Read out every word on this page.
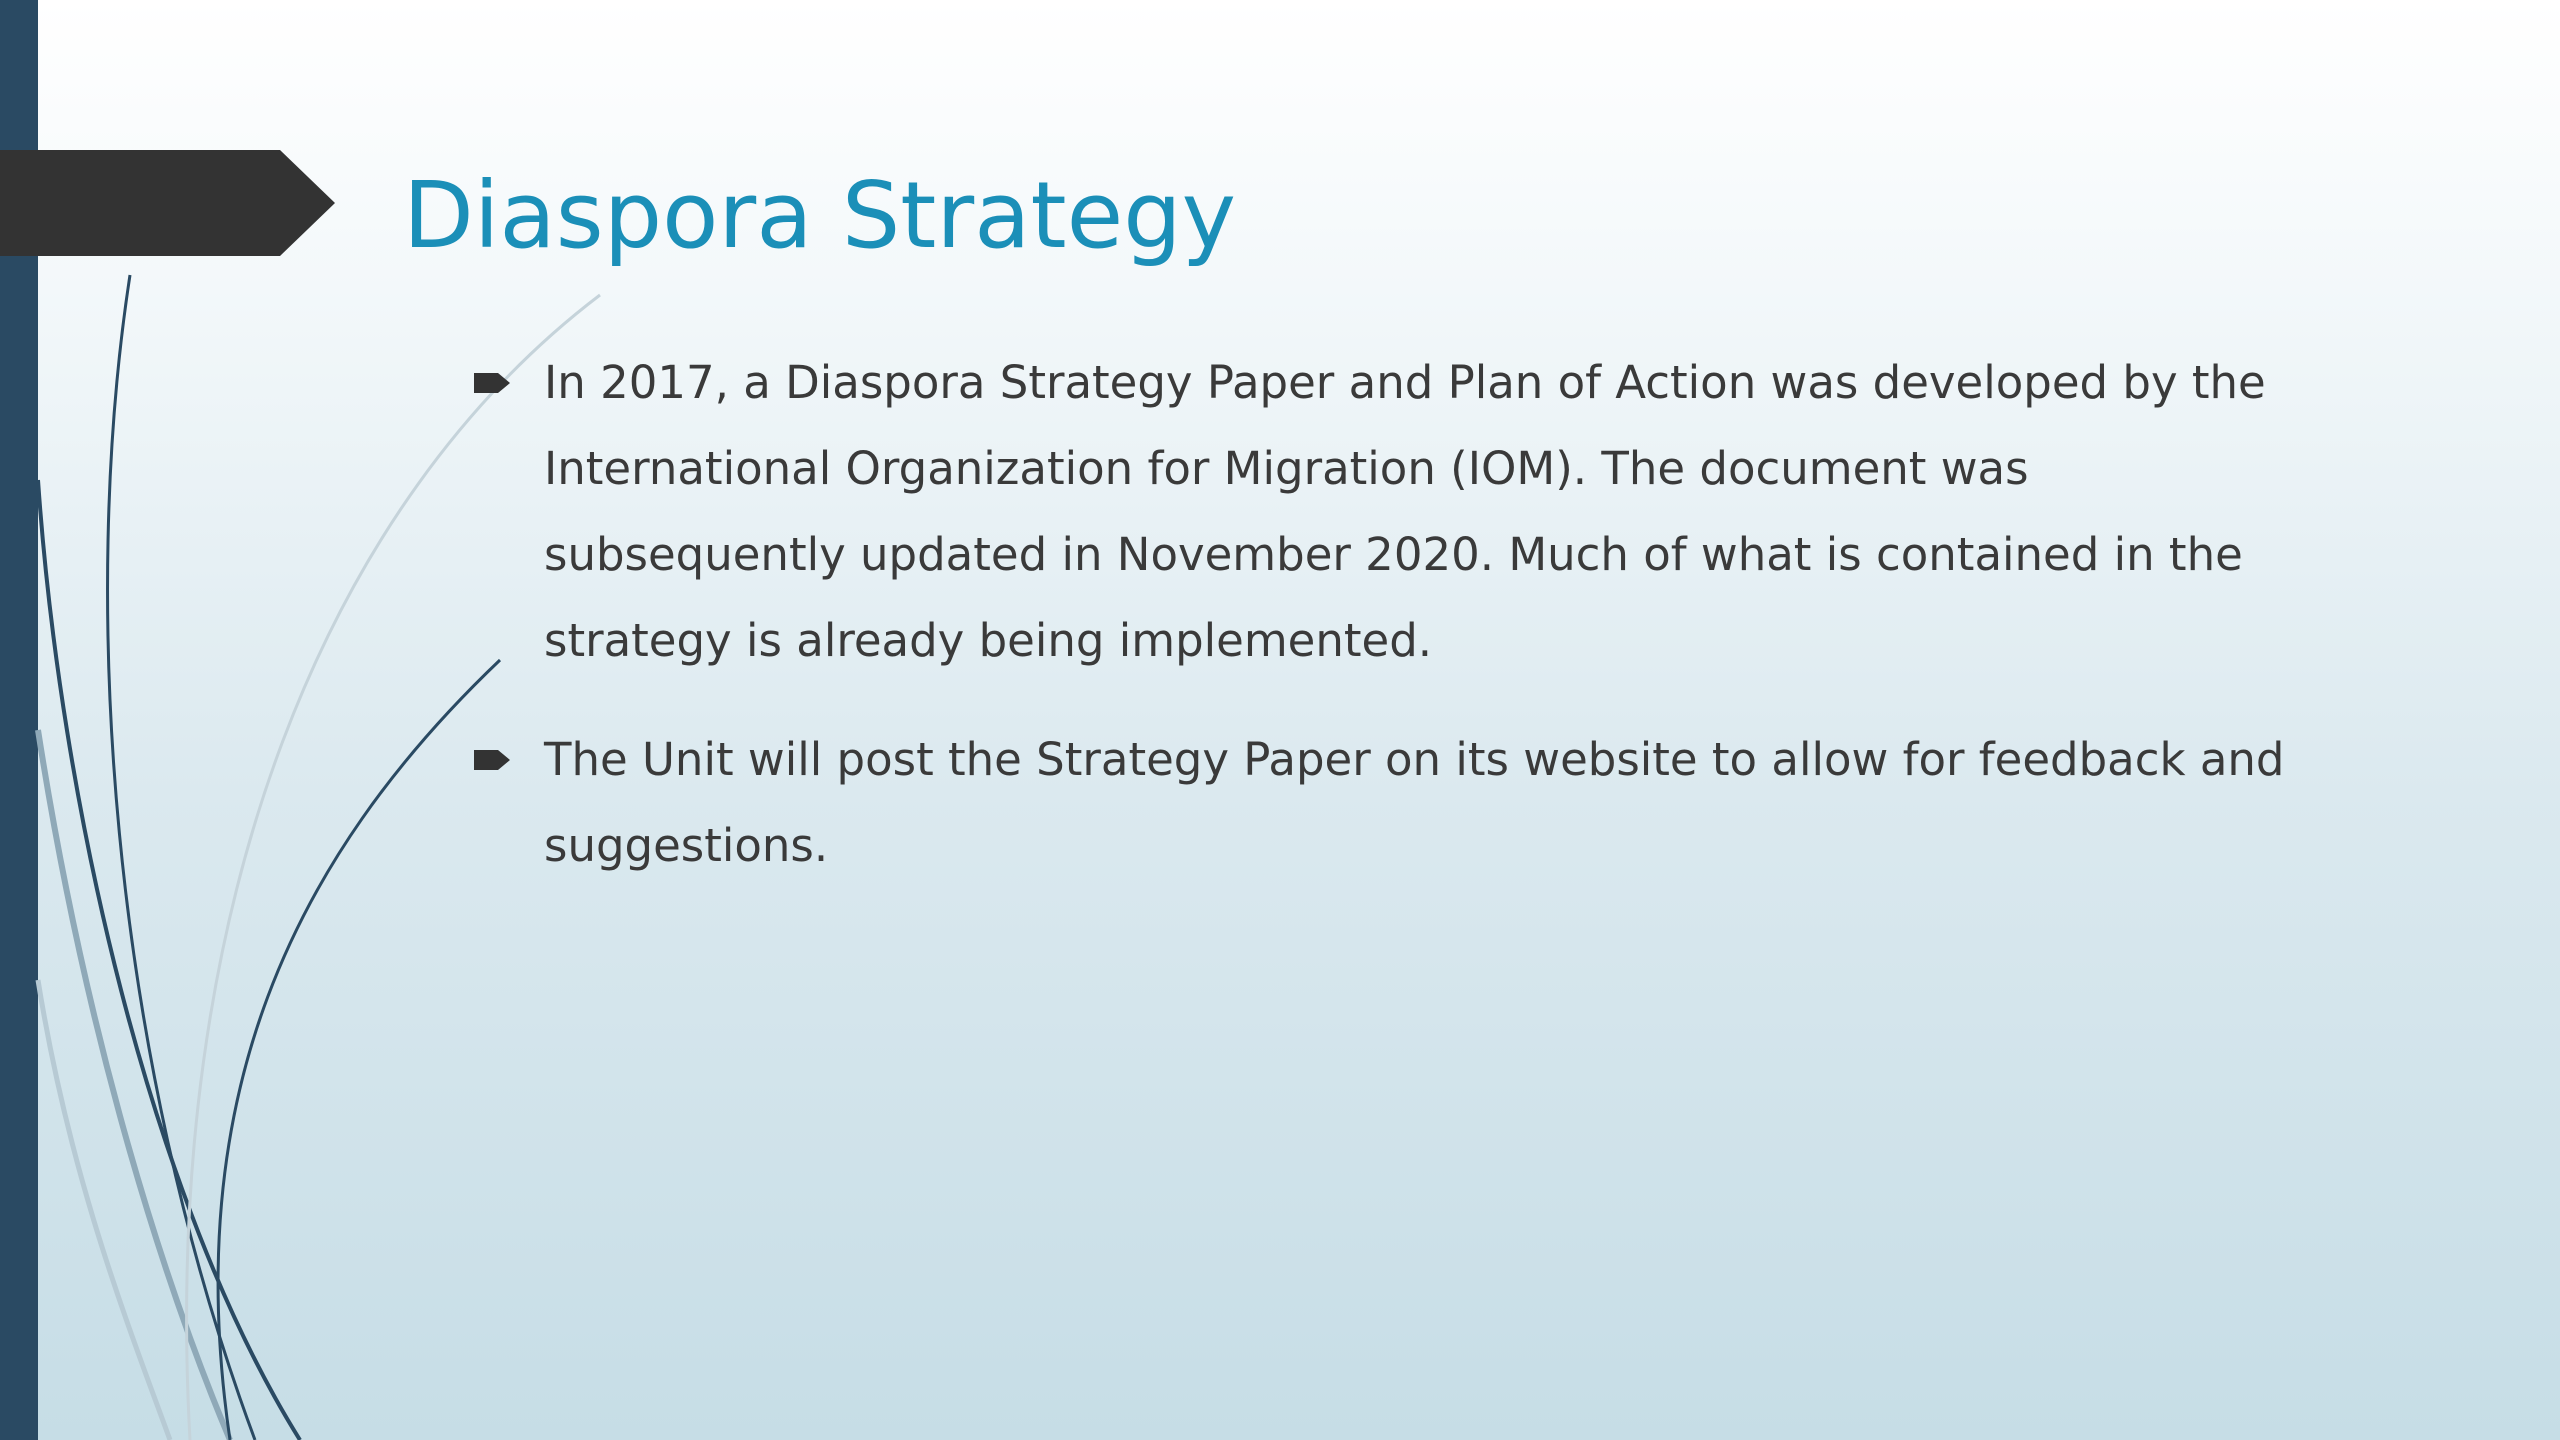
Diaspora Strategy
In 2017, a Diaspora Strategy Paper and Plan of Action was developed by the International Organization for Migration (IOM). The document was subsequently updated in November 2020. Much of what is contained in the strategy is already being implemented.
The Unit will post the Strategy Paper on its website to allow for feedback and suggestions.
